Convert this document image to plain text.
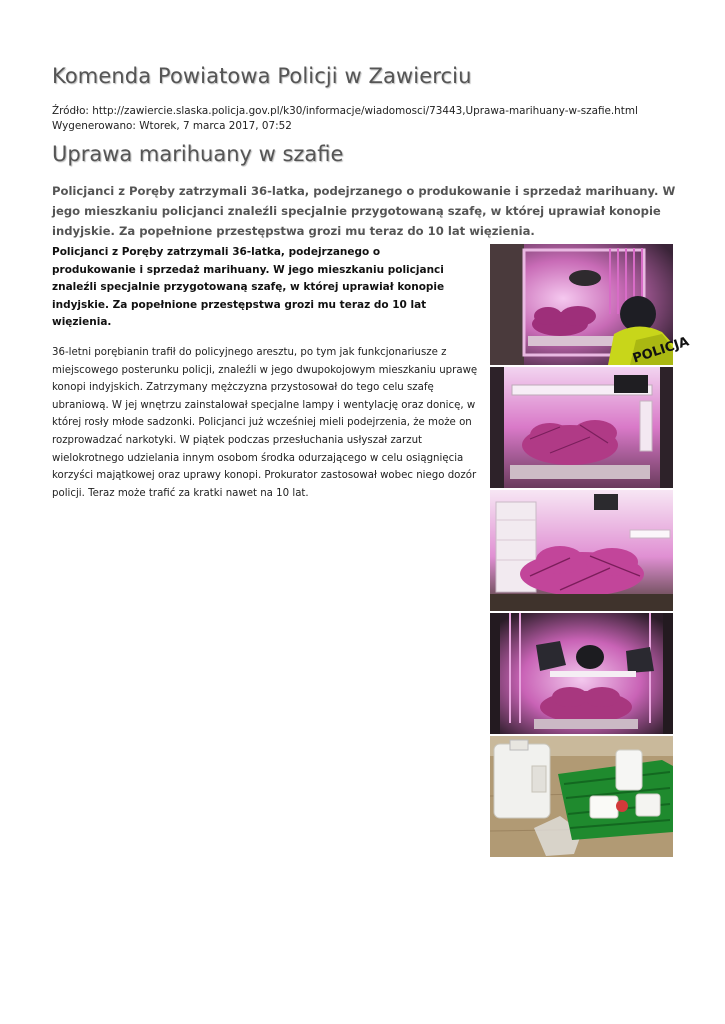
Komenda Powiatowa Policji w Zawierciu
Źródło: http://zawiercie.slaska.policja.gov.pl/k30/informacje/wiadomosci/73443,Uprawa-marihuany-w-szafie.html
Wygenerowano: Wtorek, 7 marca 2017, 07:52
Uprawa marihuany w szafie

Policjanci z Poręby zatrzymali 36-latka, podejrzanego o produkowanie i sprzedaż marihuany. W jego mieszkaniu policjanci znaleźli specjalnie przygotowaną szafę, w której uprawiał konopie indyjskie. Za popełnione przestępstwa grozi mu teraz do 10 lat więzienia.

Policjanci z Poręby zatrzymali 36-latka, podejrzanego o produkowanie i sprzedaż marihuany. W jego mieszkaniu policjanci znaleźli specjalnie przygotowaną szafę, w której uprawiał konopie indyjskie. Za popełnione przestępstwa grozi mu teraz do 10 lat więzienia.

36-letni porębianin trafił do policyjnego aresztu, po tym jak funkcjonariusze z miejscowego posterunku policji, znaleźli w jego dwupokojowym mieszkaniu uprawę konopi indyjskich. Zatrzymany mężczyzna przystosował do tego celu szafę ubraniową. W jej wnętrzu zainstalował specjalne lampy i wentylację oraz donicę, w której rosły młode sadzonki. Policjanci już wcześniej mieli podejrzenia, że może on rozprowadzać narkotyki. W piątek podczas przesłuchania usłyszał zarzut wielokrotnego udzielania innym osobom środka odurzającego w celu osiągnięcia korzyści majątkowej oraz uprawy konopi. Prokurator zastosował wobec niego dozór policji. Teraz może trafić za kratki nawet na 10 lat.

POLICJA
